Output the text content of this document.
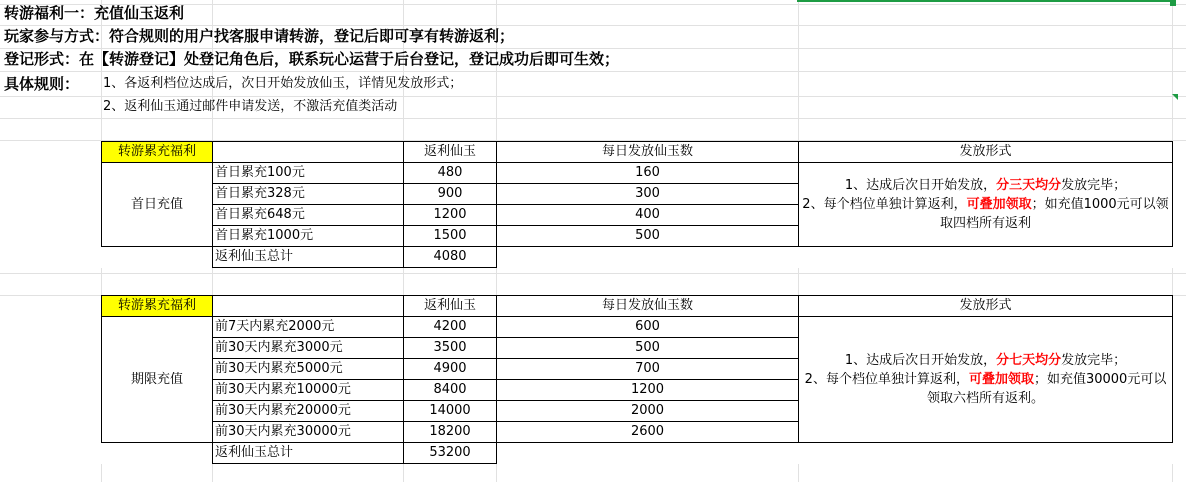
转游福利一：充值仙玉返利
玩家参与方式：符合规则的用户找客服申请转游，登记后即可享有转游返利；
登记形式：在【转游登记】处登记角色后，联系玩心运营于后台登记，登记成功后即可生效；
具体规则： 1、各返利档位达成后，次日开始发放仙玉，详情见发放形式；
2、返利仙玉通过邮件申请发送，不激活充值类活动
转游累充福利		返利仙玉	每日发放仙玉数	发放形式
首日充值	首日累充100元	480	160	1、达成后次日开始发放，分三天均分发放完毕；
2、每个档位单独计算返利，可叠加领取；如充值1000元可以领取四档所有返利
	首日累充328元	900	300	
	首日累充648元	1200	400	
	首日累充1000元	1500	500	
	返利仙玉总计	4080		
转游累充福利		返利仙玉	每日发放仙玉数	发放形式
期限充值	前7天内累充2000元	4200	600	1、达成后次日开始发放，分七天均分发放完毕；
2、每个档位单独计算返利，可叠加领取；如充值30000元可以领取六档所有返利。
	前30天内累充3000元	3500	500	
	前30天内累充5000元	4900	700	
	前30天内累充10000元	8400	1200	
	前30天内累充20000元	14000	2000	
	前30天内累充30000元	18200	2600	
	返利仙玉总计	53200		
